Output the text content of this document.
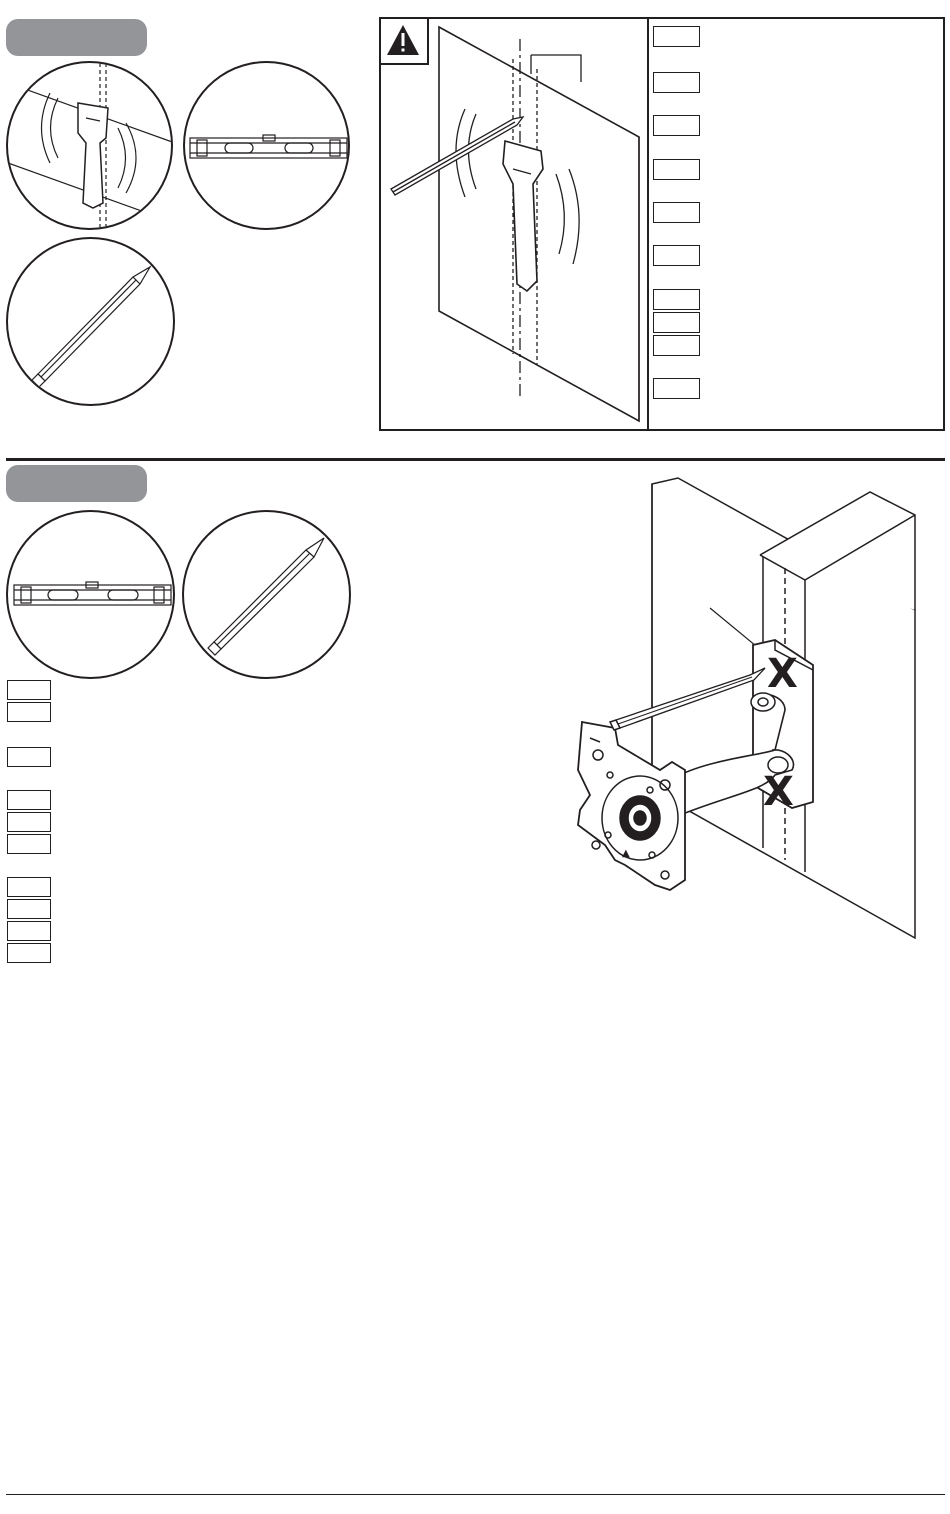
▲
X
X
